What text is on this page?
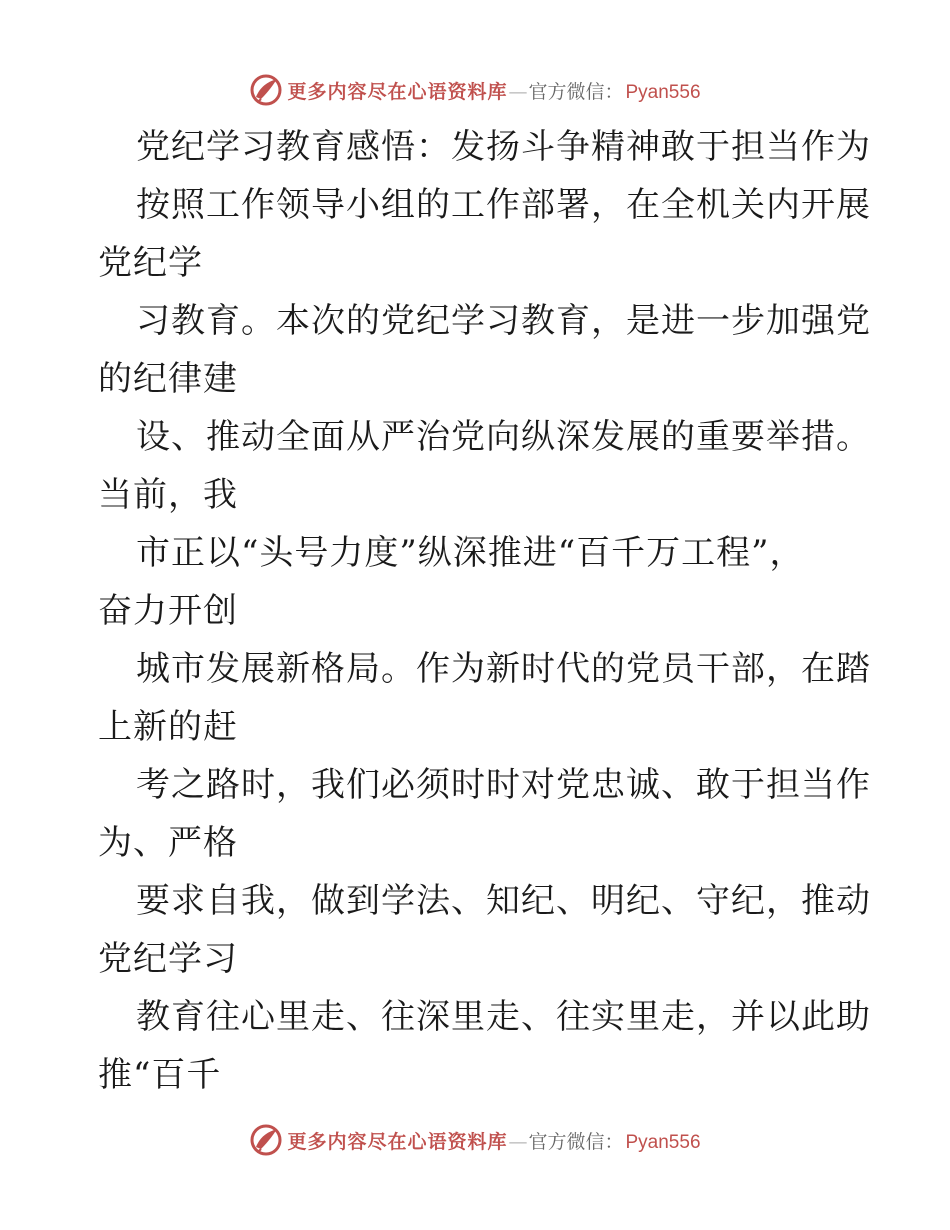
更多内容尽在心语资料库 — 官方微信： Pyan556
党纪学习教育感悟：发扬斗争精神敢于担当作为
按照工作领导小组的工作部署，在全机关内开展
党纪学
习教育。本次的党纪学习教育，是进一步加强党
的纪律建
设、推动全面从严治党向纵深发展的重要举措。
当前，我
市正以“头号力度”纵深推进“百千万工程”，
奋力开创
城市发展新格局。作为新时代的党员干部，在踏
上新的赶
考之路时，我们必须时时对党忠诚、敢于担当作
为、严格
要求自我，做到学法、知纪、明纪、守纪，推动
党纪学习
教育往心里走、往深里走、往实里走，并以此助
推“百千
更多内容尽在心语资料库 — 官方微信： Pyan556
